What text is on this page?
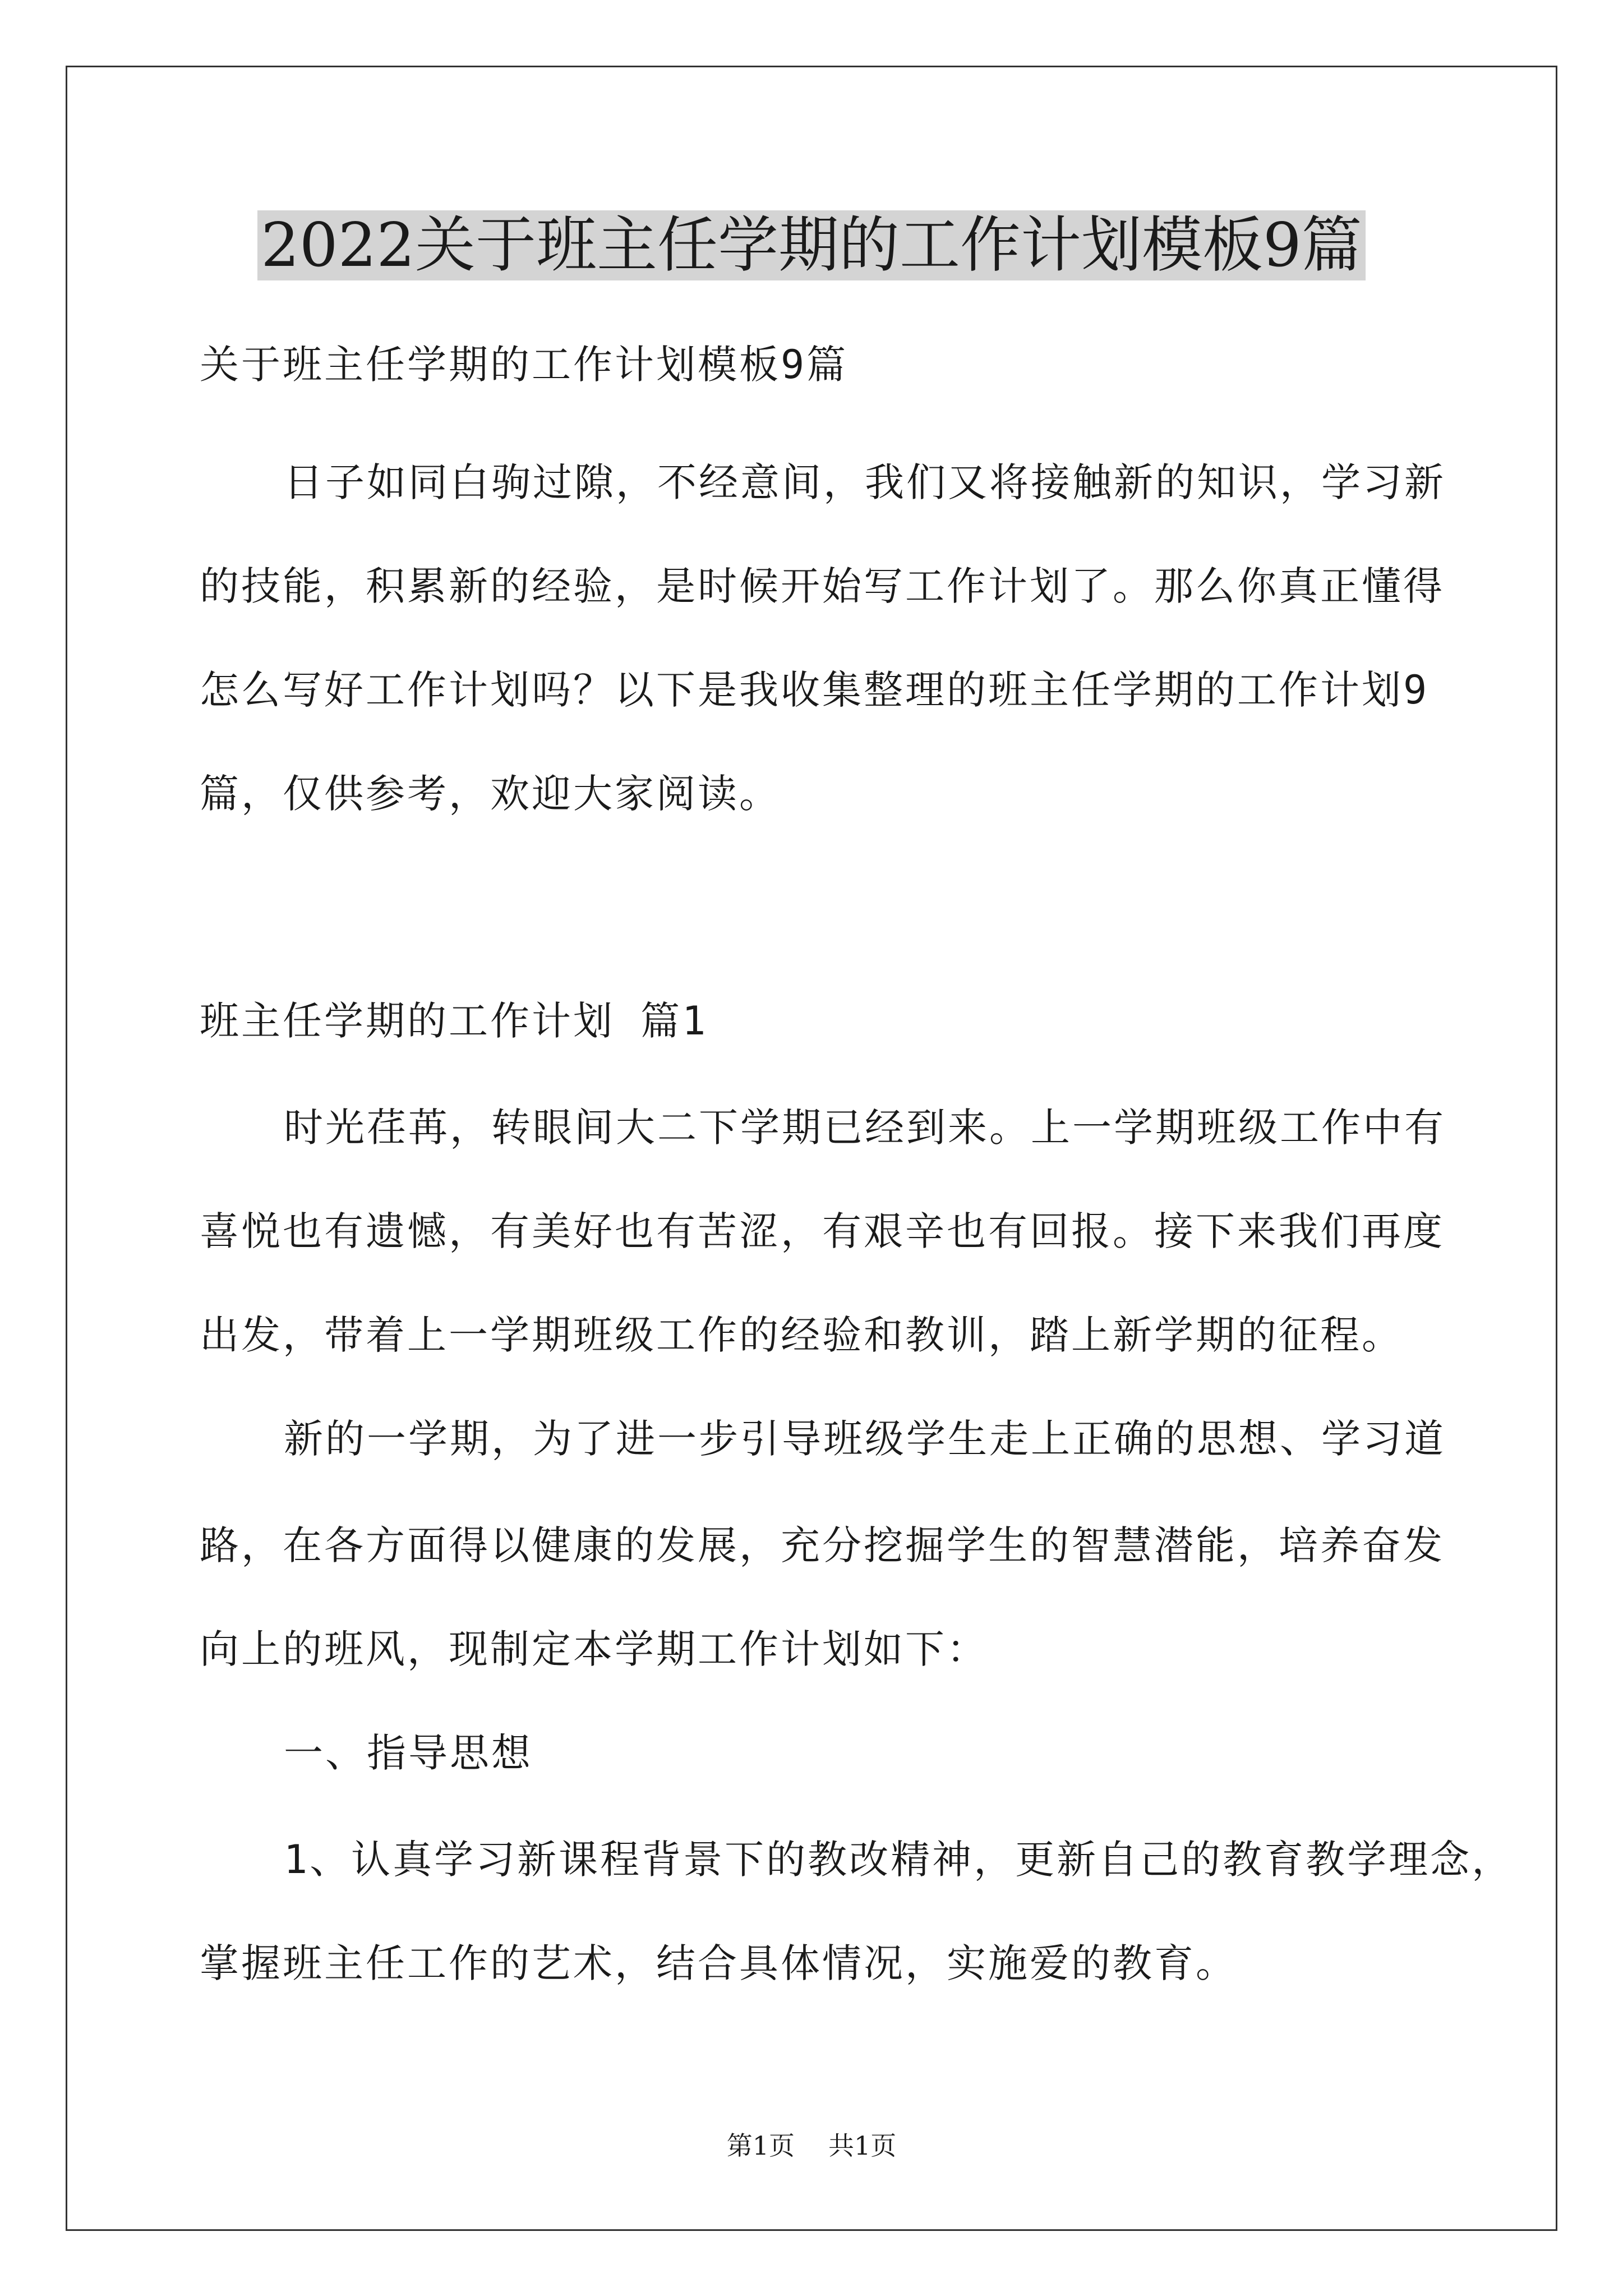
2022关于班主任学期的工作计划模板9篇
关于班主任学期的工作计划模板9篇
日子如同白驹过隙，不经意间，我们又将接触新的知识，学习新
的技能，积累新的经验，是时候开始写工作计划了。那么你真正懂得
怎么写好工作计划吗？以下是我收集整理的班主任学期的工作计划9
篇，仅供参考，欢迎大家阅读。
班主任学期的工作计划 篇1
时光荏苒，转眼间大二下学期已经到来。上一学期班级工作中有
喜悦也有遗憾，有美好也有苦涩，有艰辛也有回报。接下来我们再度
出发，带着上一学期班级工作的经验和教训，踏上新学期的征程。
新的一学期，为了进一步引导班级学生走上正确的思想、学习道
路，在各方面得以健康的发展，充分挖掘学生的智慧潜能，培养奋发
向上的班风，现制定本学期工作计划如下：
一、指导思想
1、认真学习新课程背景下的教改精神，更新自己的教育教学理念，
掌握班主任工作的艺术，结合具体情况，实施爱的教育。
第1页 共1页
